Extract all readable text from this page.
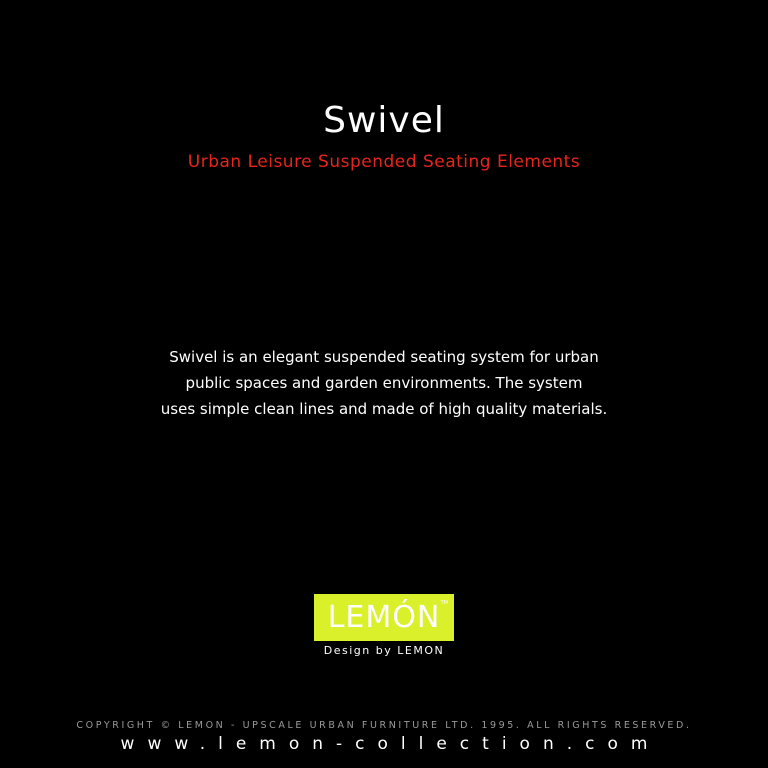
Swivel
Urban Leisure Suspended Seating Elements
Swivel is an elegant suspended seating system for urban
public spaces and garden environments. The system
uses simple clean lines and made of high quality materials.
LEMÓN TM
Design by LEMON
COPYRIGHT © LEMON - UPSCALE URBAN FURNITURE LTD. 1995. ALL RIGHTS RESERVED.
www.lemon-collection.com
